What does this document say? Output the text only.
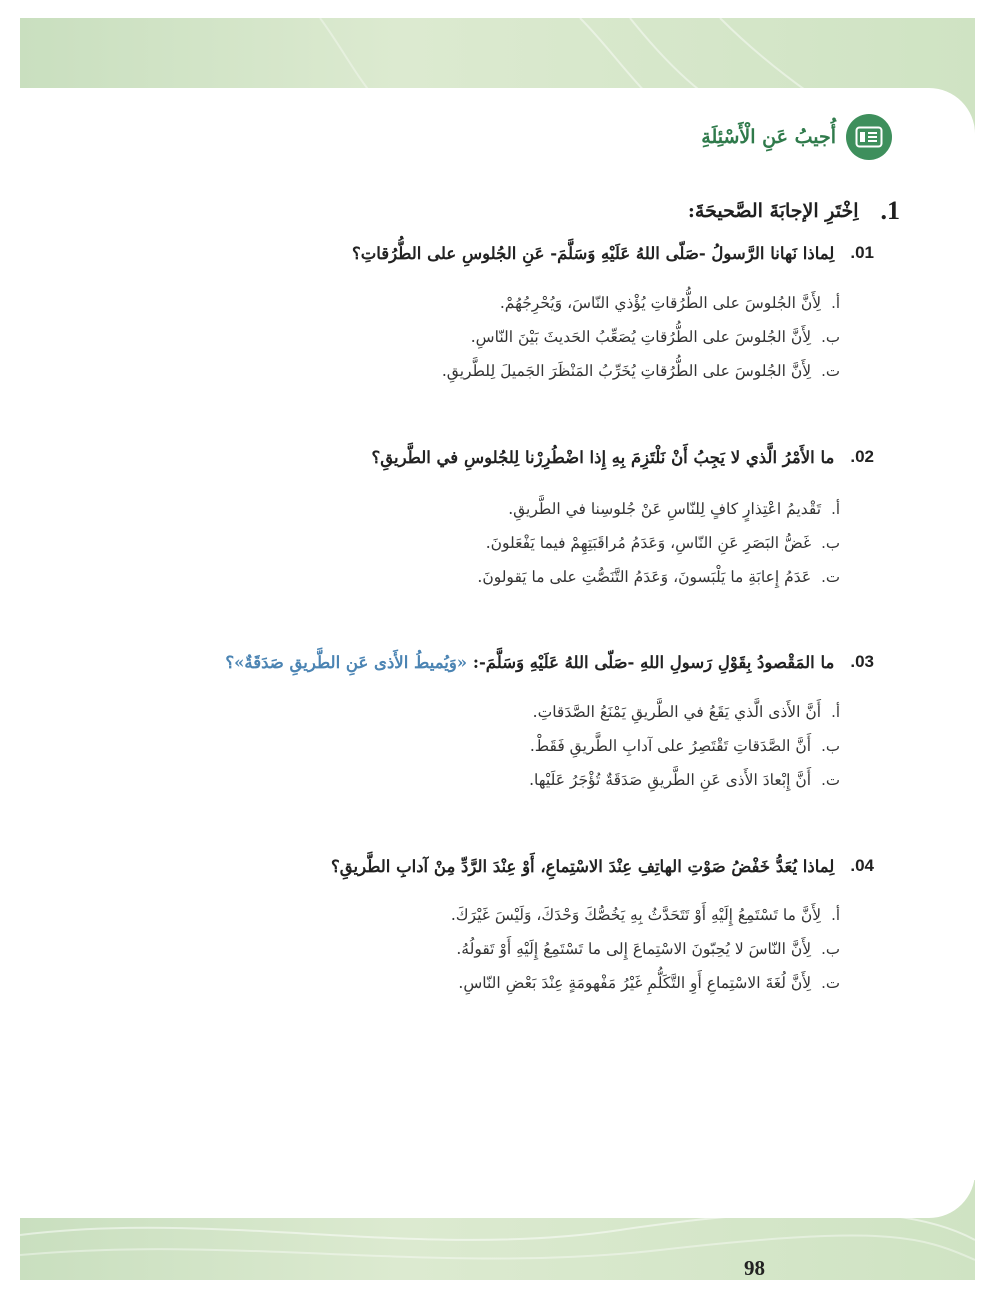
أُجيبُ عَنِ الْأَسْئِلَةِ
1.
اِخْتَرِ الإجابَةَ الصَّحيحَةَ:
01.
لِماذا نَهانا الرَّسولُ -صَلّى اللهُ عَلَيْهِ وَسَلَّمَ- عَنِ الجُلوسِ على الطُّرُقاتِ؟
أ.
لِأَنَّ الجُلوسَ على الطُّرُقاتِ يُؤْذي النّاسَ، وَيُحْرِجُهُمْ.
ب.
لِأَنَّ الجُلوسَ على الطُّرُقاتِ يُصَعِّبُ الحَديثَ بَيْنَ النّاسِ.
ت.
لِأَنَّ الجُلوسَ على الطُّرُقاتِ يُخَرِّبُ المَنْظَرَ الجَميلَ لِلطَّريقِ.
02.
ما الأَمْرُ الَّذي لا يَجِبُ أَنْ نَلْتَزِمَ بِهِ إِذا اضْطُرِرْنا لِلجُلوسِ في الطَّريقِ؟
أ.
تَقْديمُ اعْتِذارٍ كافٍ لِلنّاسِ عَنْ جُلوسِنا في الطَّريقِ.
ب.
غَضُّ البَصَرِ عَنِ النّاسِ، وَعَدَمُ مُراقَبَتِهِمْ فيما يَفْعَلونَ.
ت.
عَدَمُ إِعابَةِ ما يَلْبَسونَ، وَعَدَمُ التَّنَصُّتِ على ما يَقولونَ.
03.
ما المَقْصودُ بِقَوْلِ رَسولِ اللهِ -صَلّى اللهُ عَلَيْهِ وَسَلَّمَ-: «وَيُميطُ الأَذى عَنِ الطَّريقِ صَدَقَةٌ»؟
أ.
أَنَّ الأَذى الَّذي يَقَعُ في الطَّريقِ يَمْنَعُ الصَّدَقاتِ.
ب.
أَنَّ الصَّدَقاتِ تَقْتَصِرُ على آدابِ الطَّريقِ فَقَطْ.
ت.
أَنَّ إِبْعادَ الأَذى عَنِ الطَّريقِ صَدَقَةٌ تُؤْجَرُ عَلَيْها.
04.
لِماذا يُعَدُّ خَفْضُ صَوْتِ الهاتِفِ عِنْدَ الاسْتِماعِ، أَوْ عِنْدَ الرَّدِّ مِنْ آدابِ الطَّريقِ؟
أ.
لِأَنَّ ما تَسْتَمِعُ إِلَيْهِ أَوْ تَتَحَدَّثُ بِهِ يَخُصُّكَ وَحْدَكَ، وَلَيْسَ غَيْرَكَ.
ب.
لِأَنَّ النّاسَ لا يُحِبّونَ الاسْتِماعَ إِلى ما تَسْتَمِعُ إِلَيْهِ أَوْ تَقولُهُ.
ت.
لِأَنَّ لُغَةَ الاسْتِماعِ أَوِ التَّكَلُّمِ غَيْرُ مَفْهومَةٍ عِنْدَ بَعْضِ النّاسِ.
98
